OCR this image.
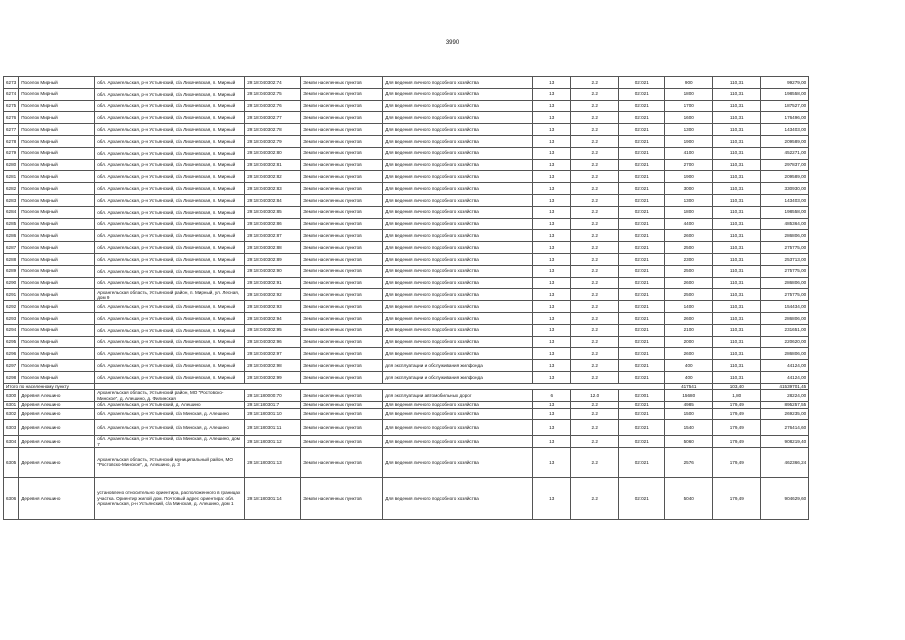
3990
6273	Поселок Мирный	обл. Архангельская, р-н Устьянский, с/а Лихачевская, п. Мирный	29:18:040302:74	Земли населенных пунктов	Для ведения личного подсобного хозяйства	13	2.2	02:021	900	110,31	99279,00
6274	Поселок Мирный	обл. Архангельская, р-н Устьянский, с/а Лихачевская, п. Мирный	29:18:040302:75	Земли населенных пунктов	Для ведения личного подсобного хозяйства	13	2.2	02:021	1800	110,31	198558,00
6275	Поселок Мирный	обл. Архангельская, р-н Устьянский, с/а Лихачевская, п. Мирный	29:18:040302:76	Земли населенных пунктов	Для ведения личного подсобного хозяйства	13	2.2	02:021	1700	110,31	187527,00
6276	Поселок Мирный	обл. Архангельская, р-н Устьянский, с/а Лихачевская, п. Мирный	29:18:040302:77	Земли населенных пунктов	Для ведения личного подсобного хозяйства	13	2.2	02:021	1600	110,31	176496,00
6277	Поселок Мирный	обл. Архангельская, р-н Устьянский, с/а Лихачевская, п. Мирный	29:18:040302:78	Земли населенных пунктов	Для ведения личного подсобного хозяйства	13	2.2	02:021	1300	110,31	143403,00
6278	Поселок Мирный	обл. Архангельская, р-н Устьянский, с/а Лихачевская, п. Мирный	29:18:040302:79	Земли населенных пунктов	Для ведения личного подсобного хозяйства	13	2.2	02:021	1900	110,31	209589,00
6279	Поселок Мирный	обл. Архангельская, р-н Устьянский, с/а Лихачевская, п. Мирный	29:18:040302:80	Земли населенных пунктов	Для ведения личного подсобного хозяйства	13	2.2	02:021	4100	110,31	452271,00
6280	Поселок Мирный	обл. Архангельская, р-н Устьянский, с/а Лихачевская, п. Мирный	29:18:040302:81	Земли населенных пунктов	Для ведения личного подсобного хозяйства	13	2.2	02:021	2700	110,31	297837,00
6281	Поселок Мирный	обл. Архангельская, р-н Устьянский, с/а Лихачевская, п. Мирный	29:18:040302:82	Земли населенных пунктов	Для ведения личного подсобного хозяйства	13	2.2	02:021	1900	110,31	209589,00
6282	Поселок Мирный	обл. Архангельская, р-н Устьянский, с/а Лихачевская, п. Мирный	29:18:040302:83	Земли населенных пунктов	Для ведения личного подсобного хозяйства	13	2.2	02:021	3000	110,31	330930,00
6283	Поселок Мирный	обл. Архангельская, р-н Устьянский, с/а Лихачевская, п. Мирный	29:18:040302:84	Земли населенных пунктов	Для ведения личного подсобного хозяйства	13	2.2	02:021	1300	110,31	143403,00
6284	Поселок Мирный	обл. Архангельская, р-н Устьянский, с/а Лихачевская, п. Мирный	29:18:040302:85	Земли населенных пунктов	Для ведения личного подсобного хозяйства	13	2.2	02:021	1800	110,31	198558,00
6285	Поселок Мирный	обл. Архангельская, р-н Устьянский, с/а Лихачевская, п. Мирный	29:18:040302:86	Земли населенных пунктов	Для ведения личного подсобного хозяйства	13	2.2	02:021	4400	110,31	485364,00
6286	Поселок Мирный	обл. Архангельская, р-н Устьянский, с/а Лихачевская, п. Мирный	29:18:040302:87	Земли населенных пунктов	Для ведения личного подсобного хозяйства	13	2.2	02:021	2600	110,31	286806,00
6287	Поселок Мирный	обл. Архангельская, р-н Устьянский, с/а Лихачевская, п. Мирный	29:18:040302:88	Земли населенных пунктов	Для ведения личного подсобного хозяйства	13	2.2	02:021	2500	110,31	275775,00
6288	Поселок Мирный	обл. Архангельская, р-н Устьянский, с/а Лихачевская, п. Мирный	29:18:040302:89	Земли населенных пунктов	Для ведения личного подсобного хозяйства	13	2.2	02:021	2300	110,31	253713,00
6289	Поселок Мирный	обл. Архангельская, р-н Устьянский, с/а Лихачевская, п. Мирный	29:18:040302:90	Земли населенных пунктов	Для ведения личного подсобного хозяйства	13	2.2	02:021	2500	110,31	275775,00
6290	Поселок Мирный	обл. Архангельская, р-н Устьянский, с/а Лихачевская, п. Мирный	29:18:040302:91	Земли населенных пунктов	Для ведения личного подсобного хозяйства	13	2.2	02:021	2600	110,31	286806,00
6291	Поселок Мирный	Архангельская область, Устьянский район, п. Мирный, ул. Лесная, дом 9	29:18:040302:92	Земли населенных пунктов	Для ведения личного подсобного хозяйства	13	2.2	02:021	2500	110,31	275775,00
6292	Поселок Мирный	обл. Архангельская, р-н Устьянский, с/а Лихачевская, п. Мирный	29:18:040302:93	Земли населенных пунктов	Для ведения личного подсобного хозяйства	13	2.2	02:021	1400	110,31	154434,00
6293	Поселок Мирный	обл. Архангельская, р-н Устьянский, с/а Лихачевская, п. Мирный	29:18:040302:94	Земли населенных пунктов	Для ведения личного подсобного хозяйства	13	2.2	02:021	2600	110,31	286806,00
6294	Поселок Мирный	обл. Архангельская, р-н Устьянский, с/а Лихачевская, п. Мирный	29:18:040302:95	Земли населенных пунктов	Для ведения личного подсобного хозяйства	13	2.2	02:021	2100	110,31	231651,00
6295	Поселок Мирный	обл. Архангельская, р-н Устьянский, с/а Лихачевская, п. Мирный	29:18:040302:96	Земли населенных пунктов	Для ведения личного подсобного хозяйства	13	2.2	02:021	2000	110,31	220620,00
6296	Поселок Мирный	обл. Архангельская, р-н Устьянский, с/а Лихачевская, п. Мирный	29:18:040302:97	Земли населенных пунктов	Для ведения личного подсобного хозяйства	13	2.2	02:021	2600	110,31	286806,00
6297	Поселок Мирный	обл. Архангельская, р-н Устьянский, с/а Лихачевская, п. Мирный	29:18:040302:98	Земли населенных пунктов	для эксплуатации и обслуживания жилфонда	13	2.2	02:021	400	110,31	44124,00
6298	Поселок Мирный	обл. Архангельская, р-н Устьянский, с/а Лихачевская, п. Мирный	29:18:040302:99	Земли населенных пунктов	для эксплуатации и обслуживания жилфонда	13	2.2	02:021	400	110,31	44124,00
Итого по населенному пункту									417541	103,40	41539701,45
6300	Деревня Алешино	Архангельская область, Устьянский район, МО "Ростовско-Минское", д. Алешино, д. Филинская	29:18:180000:70	Земли населенных пунктов	для эксплуатации автомобильных дорог	6	12.0	02:001	15680	1,80	28224,00
6301	Деревня Алешино	обл. Архангельская, р-н Устьянский, д. Алешино	29:18:180301:7	Земли населенных пунктов	Для ведения личного подсобного хозяйства	13	2.2	02:021	4985	179,49	895257,55
6302	Деревня Алешино	обл. Архангельская, р-н Устьянский, с/а Минская, д. Алешино	29:18:180301:10	Земли населенных пунктов	Для ведения личного подсобного хозяйства	13	2.2	02:021	1500	179,49	269235,00
6303	Деревня Алешино	обл. Архангельская, р-н Устьянский, с/а Минская, д. Алешино	29:18:180301:11	Земли населенных пунктов	Для ведения личного подсобного хозяйства	13	2.2	02:021	1540	179,49	276414,60
6304	Деревня Алешино	обл. Архангельская, р-н Устьянский, с/а Минская, д. Алешино, дом 7	29:18:180301:12	Земли населенных пунктов	Для ведения личного подсобного хозяйства	13	2.2	02:021	5060	179,49	908219,40
6305	Деревня Алешино	Архангельская область, Устьянский муниципальный район, МО "Ростовско-Минское", д. Алешино, д. 3	29:18:180301:13	Земли населенных пунктов	Для ведения личного подсобного хозяйства	13	2.2	02:021	2576	179,49	462366,24
6306	Деревня Алешино	установлено относительно ориентира, расположенного в границах участка. Ориентир жилой дом. Почтовый адрес ориентира: обл. Архангельская, р-н Устьянский, с/а Минская, д. Алешино, дом 1	29:18:180301:14	Земли населенных пунктов	Для ведения личного подсобного хозяйства	13	2.2	02:021	5040	179,49	904629,60
